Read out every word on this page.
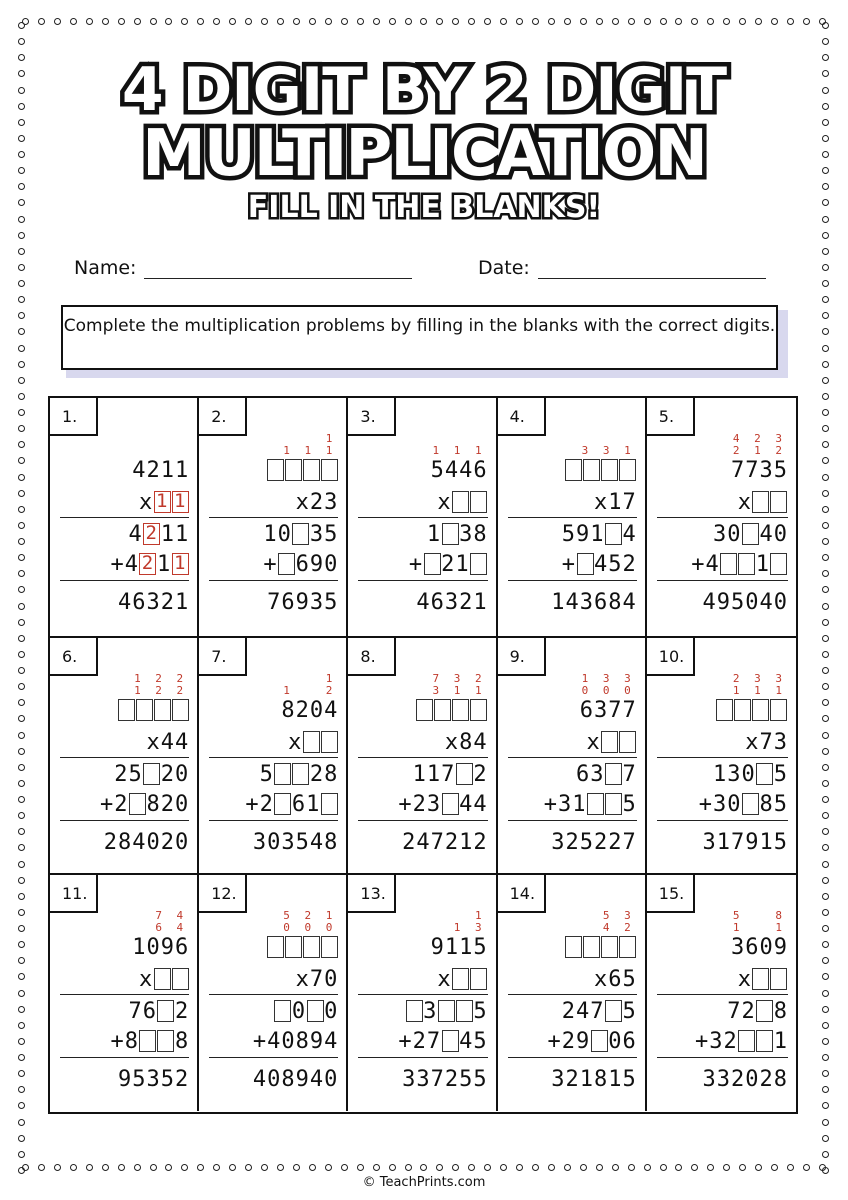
4 DIGIT BY 2 DIGIT
MULTIPLICATION
FILL IN THE BLANKS!
Name:	Date:
Complete the multiplication problems by filling in the blanks with the correct digits.
1.
4211
x 1 1
4 2 11
+ 4 2 1 1
46321
2.
1
1 1 1
x 23
10 35
+ 690
76935
3.
1 1 1
5446
x
1 38
+ 21
46321
4.
3 3 1
x 17
591 4
+ 452
143684
5.
4 2 3
2 1 2
7735
x
30 40
+ 4 1
495040
6.
1 2 2
1 2 2
x 44
25 20
+ 2 820
284020
7.
1
1   2
8204
x
5 28
+ 2 61
303548
8.
7 3 2
3 1 1
x 84
117 2
+ 23 44
247212
9.
1 3 3
0 0 0
6377
x
63 7
+ 31 5
325227
10.
2 3 3
1 1 1
x 73
130 5
+ 30 85
317915
11.
7 4
6 4
1096
x
76 2
+ 8 8
95352
12.
5 2 1
0 0 0
x 70
0 0
+ 40894
408940
13.
1
1 3
9115
x
3 5
+ 27 45
337255
14.
5 3
4 2
x 65
247 5
+ 29 06
321815
15.
5   8
1   1
3609
x
72 8
+ 32 1
332028
© TeachPrints.com
